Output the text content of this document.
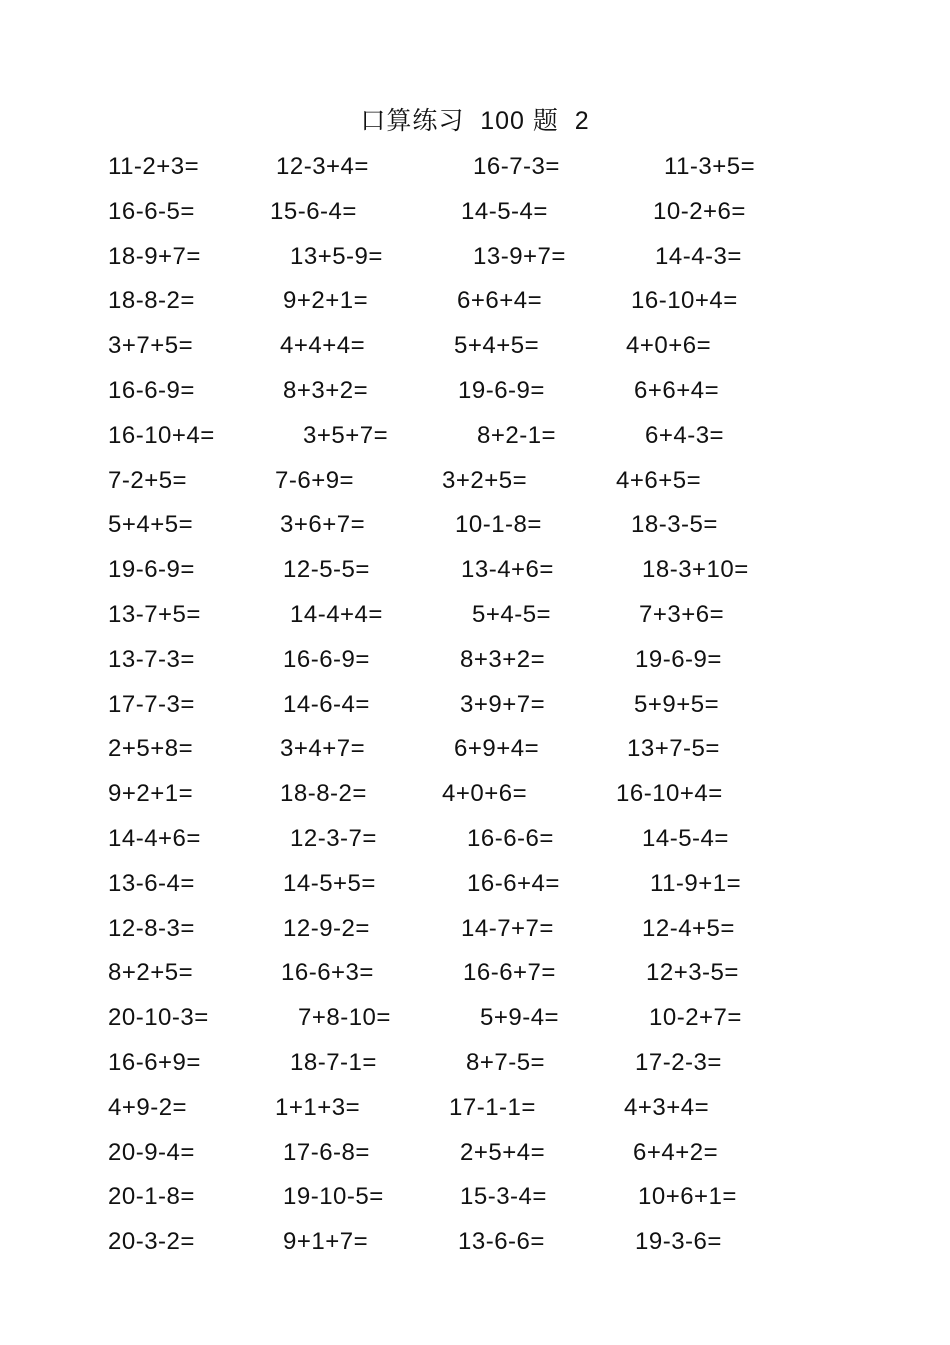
口算练习  100 题  2
11-2+3=	12-3+4=	16-7-3=	11-3+5=
16-6-5=	15-6-4=	14-5-4=	10-2+6=
18-9+7=	13+5-9=	13-9+7=	14-4-3=
18-8-2=	9+2+1=	6+6+4=	16-10+4=
3+7+5=	4+4+4=	5+4+5=	4+0+6=
16-6-9=	8+3+2=	19-6-9=	6+6+4=
16-10+4=	3+5+7=	8+2-1=	6+4-3=
7-2+5=	7-6+9=	3+2+5=	4+6+5=
5+4+5=	3+6+7=	10-1-8=	18-3-5=
19-6-9=	12-5-5=	13-4+6=	18-3+10=
13-7+5=	14-4+4=	5+4-5=	7+3+6=
13-7-3=	16-6-9=	8+3+2=	19-6-9=
17-7-3=	14-6-4=	3+9+7=	5+9+5=
2+5+8=	3+4+7=	6+9+4=	13+7-5=
9+2+1=	18-8-2=	4+0+6=	16-10+4=
14-4+6=	12-3-7=	16-6-6=	14-5-4=
13-6-4=	14-5+5=	16-6+4=	11-9+1=
12-8-3=	12-9-2=	14-7+7=	12-4+5=
8+2+5=	16-6+3=	16-6+7=	12+3-5=
20-10-3=	7+8-10=	5+9-4=	10-2+7=
16-6+9=	18-7-1=	8+7-5=	17-2-3=
4+9-2=	1+1+3=	17-1-1=	4+3+4=
20-9-4=	17-6-8=	2+5+4=	6+4+2=
20-1-8=	19-10-5=	15-3-4=	10+6+1=
20-3-2=	9+1+7=	13-6-6=	19-3-6=
